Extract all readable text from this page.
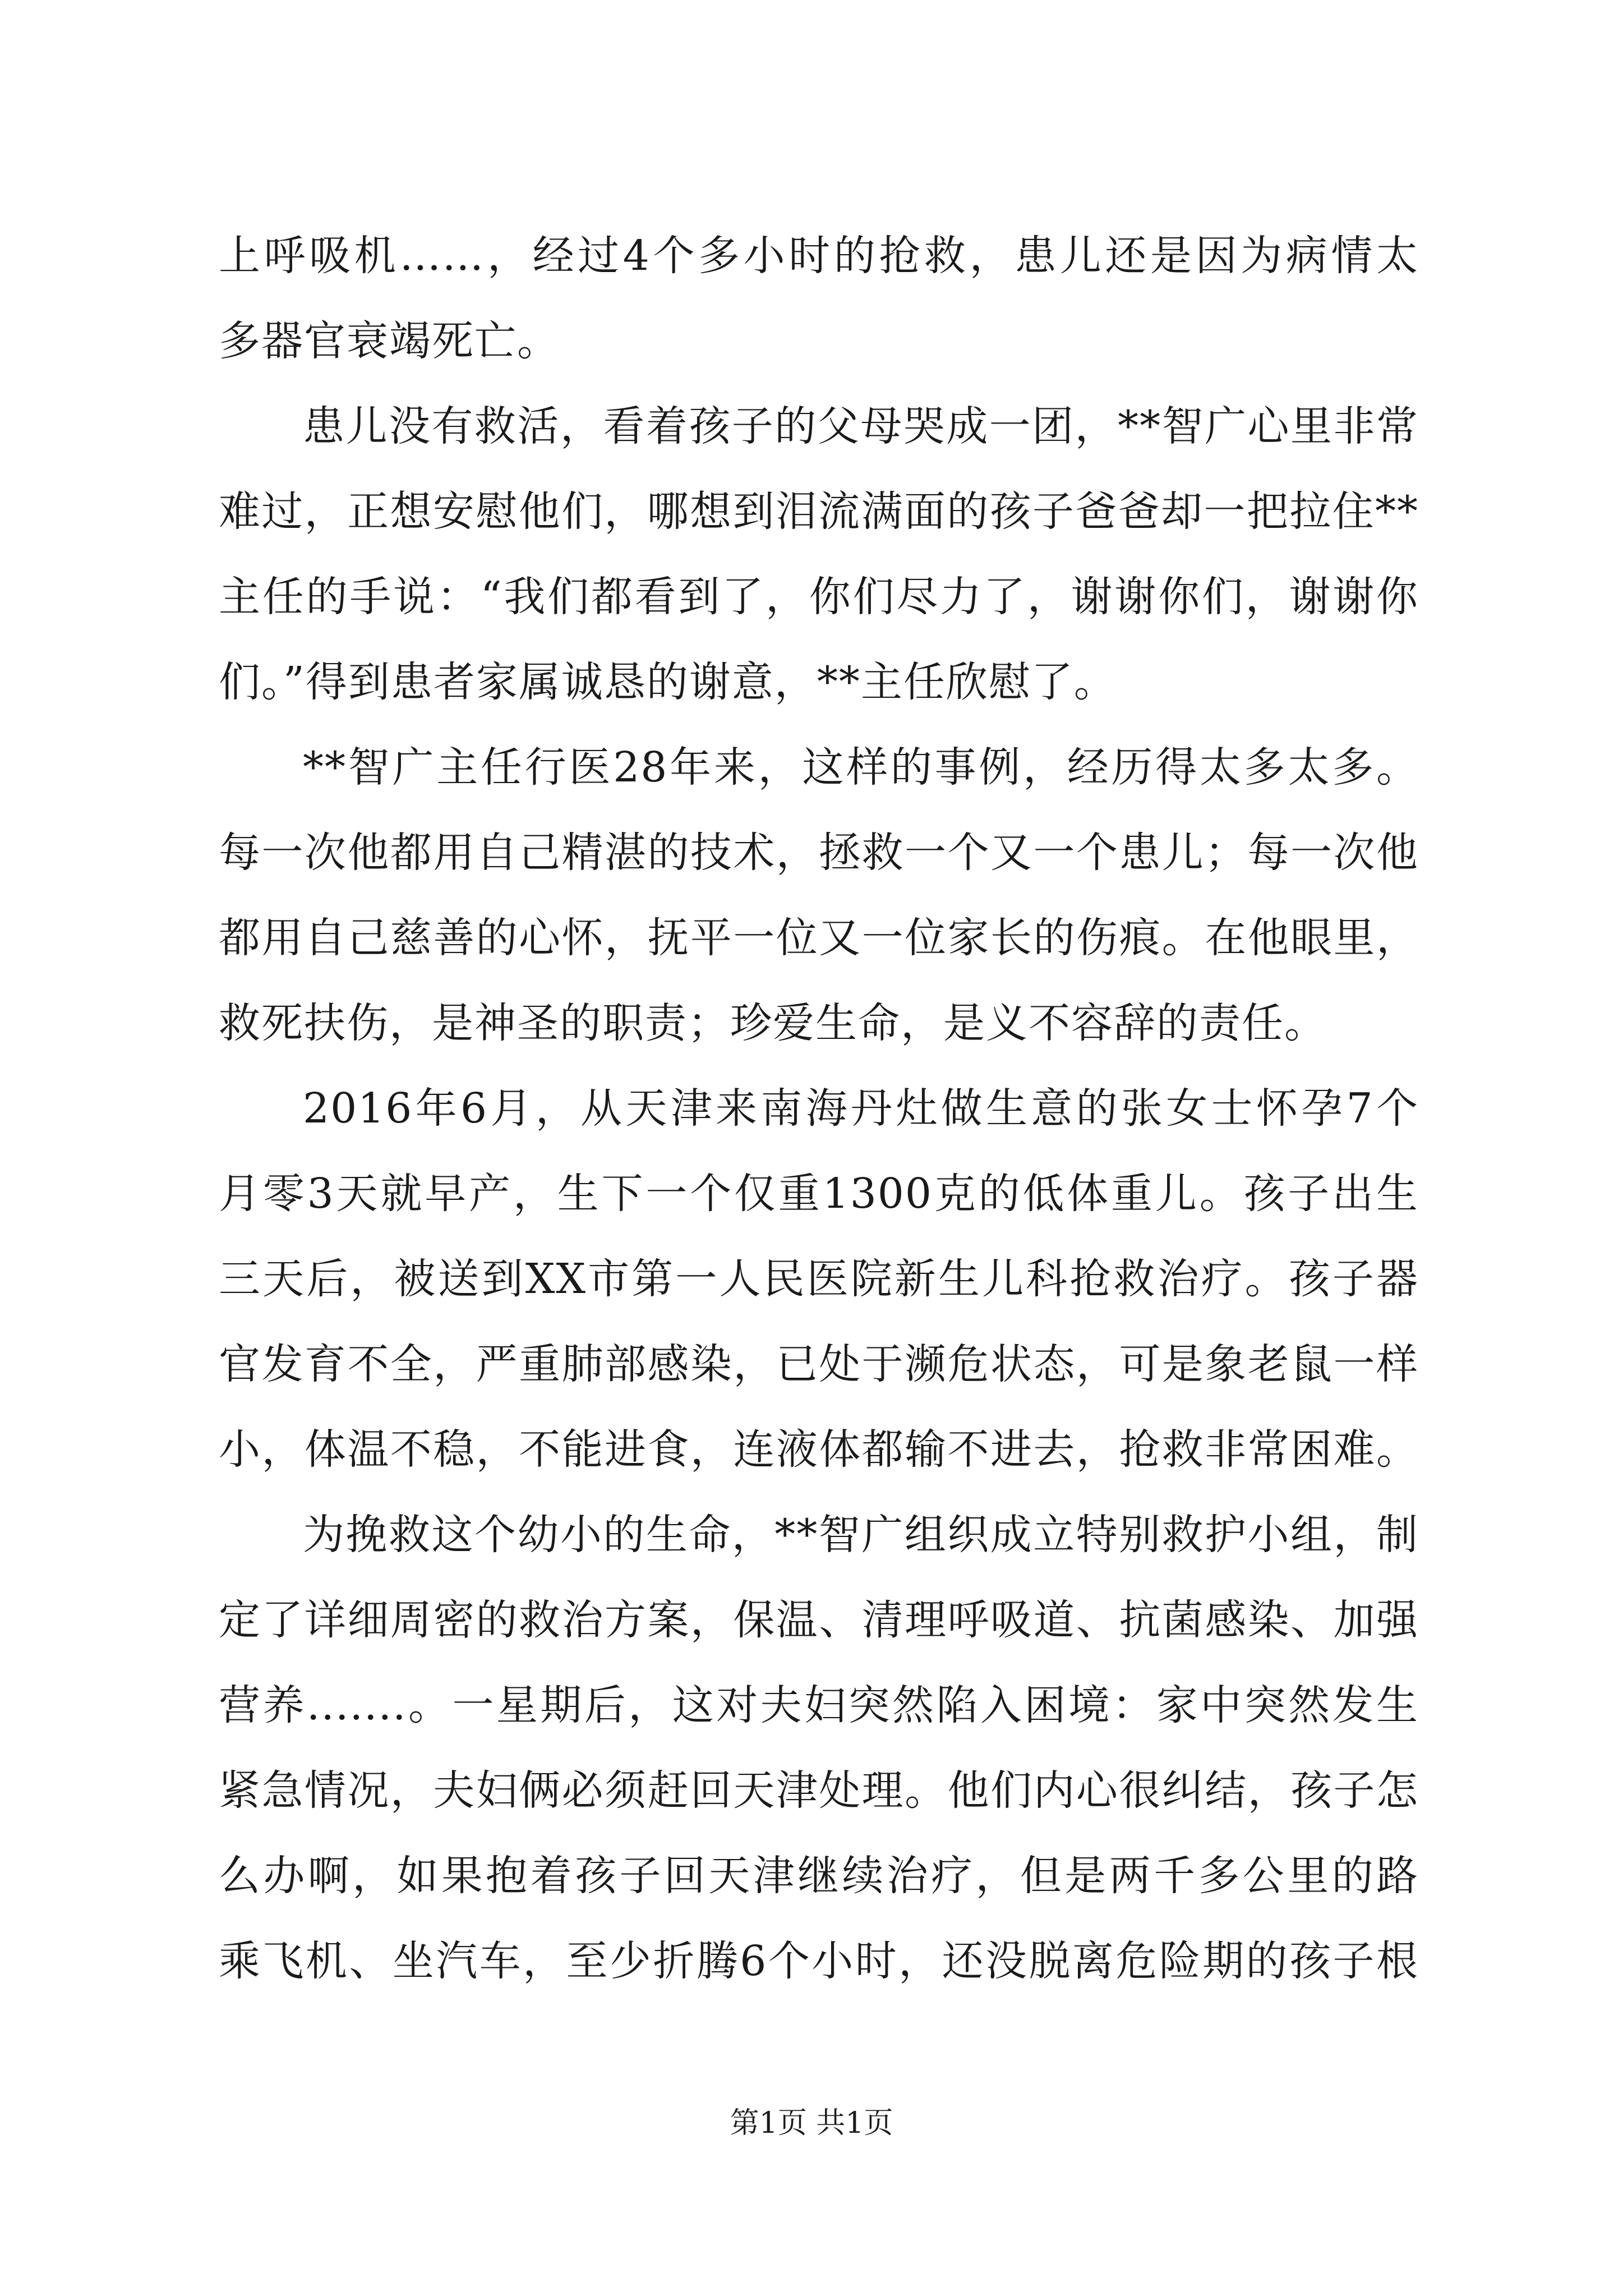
上呼吸机……，经过4个多小时的抢救，患儿还是因为病情太
多器官衰竭死亡。
患儿没有救活，看着孩子的父母哭成一团，**智广心里非常
难过，正想安慰他们，哪想到泪流满面的孩子爸爸却一把拉住**
主任的手说：“我们都看到了，你们尽力了，谢谢你们，谢谢你
们。”得到患者家属诚恳的谢意，**主任欣慰了。
**智广主任行医28年来，这样的事例，经历得太多太多。
每一次他都用自己精湛的技术，拯救一个又一个患儿；每一次他
都用自己慈善的心怀，抚平一位又一位家长的伤痕。在他眼里，
救死扶伤，是神圣的职责；珍爱生命，是义不容辞的责任。
2016年6月，从天津来南海丹灶做生意的张女士怀孕7个
月零3天就早产，生下一个仅重1300克的低体重儿。孩子出生
三天后，被送到XX市第一人民医院新生儿科抢救治疗。孩子器
官发育不全，严重肺部感染，已处于濒危状态，可是象老鼠一样
小，体温不稳，不能进食，连液体都输不进去，抢救非常困难。
为挽救这个幼小的生命，**智广组织成立特别救护小组，制
定了详细周密的救治方案，保温、清理呼吸道、抗菌感染、加强
营养.......。一星期后，这对夫妇突然陷入困境：家中突然发生
紧急情况，夫妇俩必须赶回天津处理。他们内心很纠结，孩子怎
么办啊，如果抱着孩子回天津继续治疗，但是两千多公里的路
乘飞机、坐汽车，至少折腾6个小时，还没脱离危险期的孩子根
第1页 共1页
